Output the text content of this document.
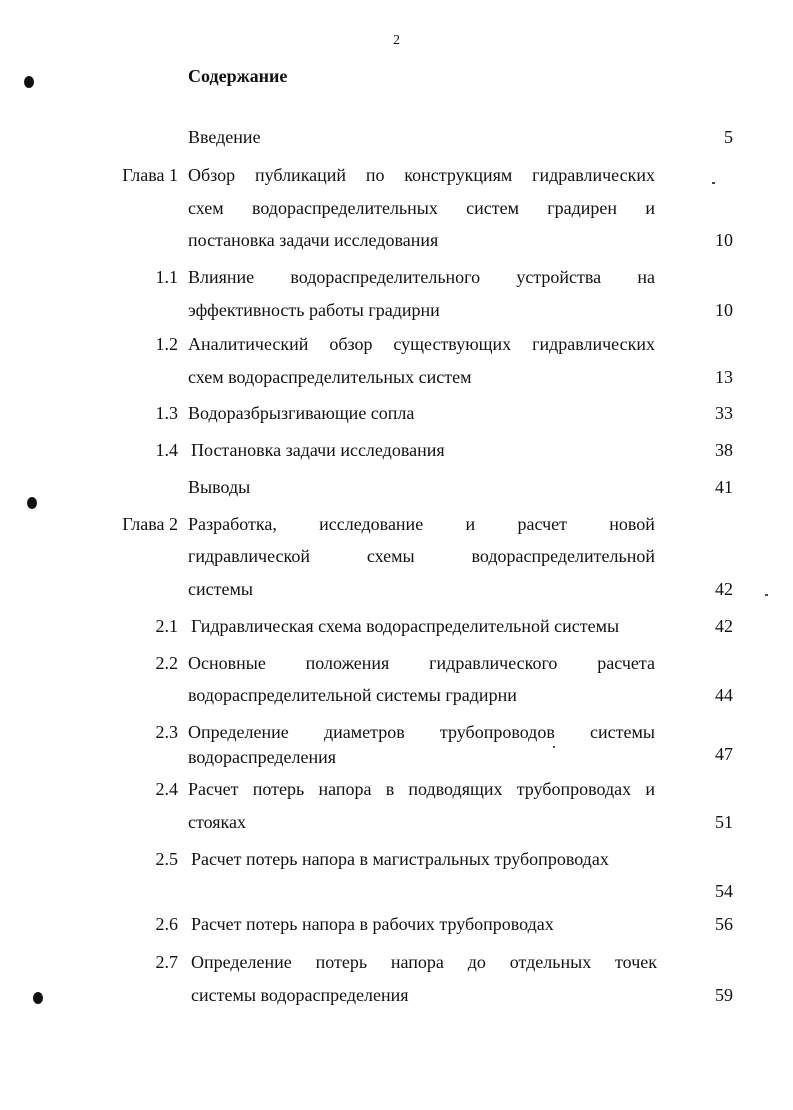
2
Содержание
Введение	5
Глава 1 Обзор публикаций по конструкциям гидравлических
схем водораспределительных систем градирен и
постановка задачи исследования	10
1.1 Влияние водораспределительного устройства на
эффективность работы градирни	10
1.2 Аналитический обзор существующих гидравлических
схем водораспределительных систем	13
1.3 Водоразбрызгивающие сопла	33
1.4 Постановка задачи исследования	38
Выводы	41
Глава 2 Разработка, исследование и расчет новой
гидравлической	схемы	водораспределительной
системы	42
2.1 Гидравлическая схема водораспределительной системы	42
2.2 Основные положения гидравлического расчета
водораспределительной системы градирни	44
2.3 Определение диаметров трубопроводов системы
водораспределения	47
2.4 Расчет потерь напора в подводящих трубопроводах и
стояках	51
2.5 Расчет потерь напора в магистральных трубопроводах
54
2.6 Расчет потерь напора в рабочих трубопроводах	56
2.7 Определение потерь напора до отдельных точек
системы водораспределения	59
